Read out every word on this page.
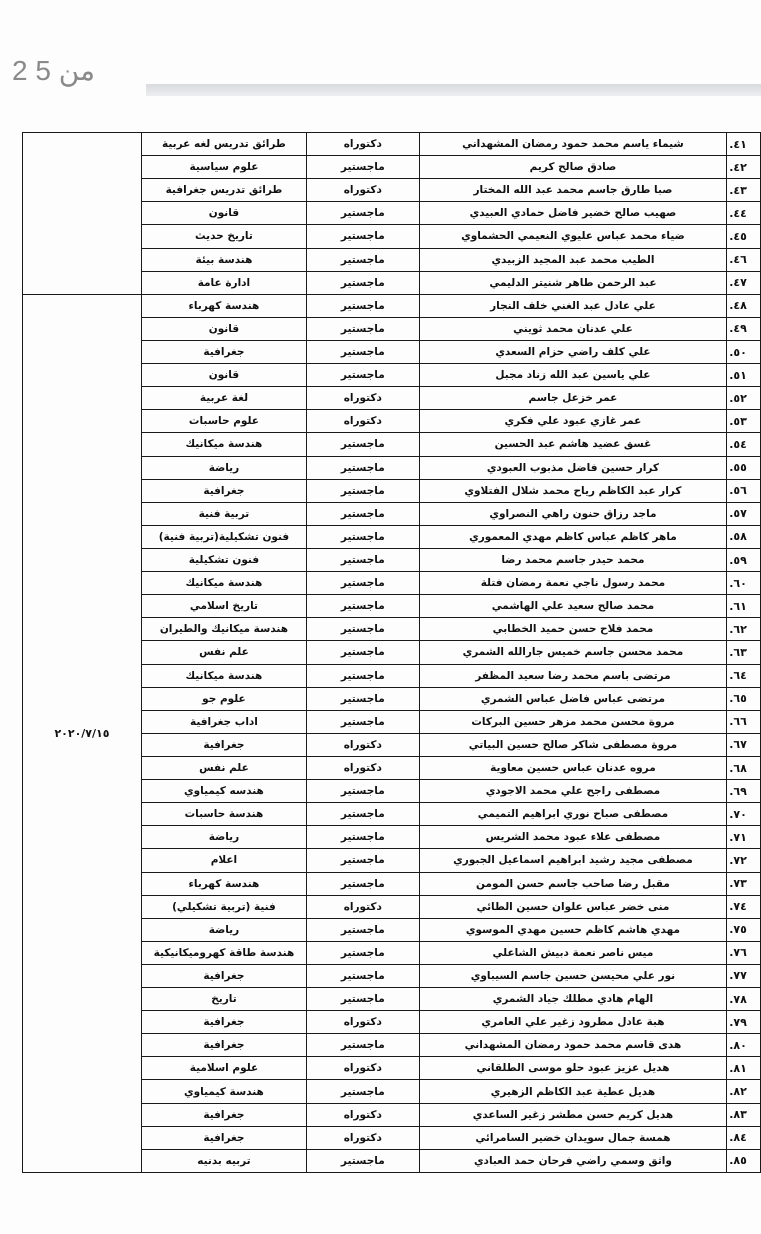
2 من 5
٤١.	شيماء ياسم محمد حمود رمضان المشهداني	دكتوراه	طرائق تدريس لغه عربية	
٤٢.	صادق صالح كريم	ماجستير	علوم سياسية	
٤٣.	صبا طارق جاسم محمد عبد الله المختار	دكتوراه	طرائق تدريس جغرافية	
٤٤.	صهيب صالح خضير فاضل حمادي العبيدي	ماجستير	قانون	
٤٥.	ضياء محمد عباس عليوي النعيمي الحشماوي	ماجستير	تاريخ حديث	
٤٦.	الطيب محمد عبد المجيد الزبيدي	ماجستير	هندسة بيئة	
٤٧.	عبد الرحمن طاهر شنيتر الدليمي	ماجستير	ادارة عامة	
٤٨.	علي عادل عبد الغني خلف النجار	ماجستير	هندسة كهرباء	٢٠٢٠/٧/١٥
٤٩.	علي عدنان محمد ثويني	ماجستير	قانون	
٥٠.	علي كلف راضي حزام السعدي	ماجستير	جغرافية	
٥١.	علي ياسين عبد الله زناد مجبل	ماجستير	قانون	
٥٢.	عمر خزعل جاسم	دكتوراه	لغة عربية	
٥٣.	عمر غازي عبود علي فكري	دكتوراه	علوم حاسبات	
٥٤.	غسق عضيد هاشم عبد الحسين	ماجستير	هندسة ميكانيك	
٥٥.	كرار حسين فاضل مذبوب العبودي	ماجستير	رياضة	
٥٦.	كرار عبد الكاظم رياح محمد شلال الفتلاوي	ماجستير	جغرافية	
٥٧.	ماجد رزاق حنون راهي النصراوي	ماجستير	تربية فنية	
٥٨.	ماهر كاظم عباس كاظم مهدي المعموري	ماجستير	فنون تشكيلية(تربية فنية)	
٥٩.	محمد حيدر جاسم محمد رضا	ماجستير	فنون تشكيلية	
٦٠.	محمد رسول ناجي نعمة رمضان فتلة	ماجستير	هندسة ميكانيك	
٦١.	محمد صالح سعيد علي الهاشمي	ماجستير	تاريخ اسلامي	
٦٢.	محمد فلاح حسن حميد الخطابي	ماجستير	هندسة ميكانيك والطيران	
٦٣.	محمد محسن جاسم خميس جارالله الشمري	ماجستير	علم نفس	
٦٤.	مرتضى باسم محمد رضا سعيد المظفر	ماجستير	هندسة ميكانيك	
٦٥.	مرتضى عباس فاضل عباس الشمري	ماجستير	علوم جو	
٦٦.	مروة محسن محمد مزهر حسين البركات	ماجستير	اداب جغرافية	
٦٧.	مروة مصطفى شاكر صالح حسين البياتي	دكتوراه	جغرافية	
٦٨.	مروه عدنان عباس حسين معاوية	دكتوراه	علم نفس	
٦٩.	مصطفى راجح علي محمد الاجودي	ماجستير	هندسه كيمياوي	
٧٠.	مصطفى صباح نوري ابراهيم التميمي	ماجستير	هندسة حاسبات	
٧١.	مصطفى علاء عبود محمد الشريس	ماجستير	رياضة	
٧٢.	مصطفى مجيد رشيد ابراهيم اسماعيل الجبوري	ماجستير	اعلام	
٧٣.	مقبل رضا صاحب جاسم حسن المومن	ماجستير	هندسة كهرباء	
٧٤.	منى خضر عباس علوان حسين الطائي	دكتوراه	فنية (تربية تشكيلي)	
٧٥.	مهدي هاشم كاظم حسين مهدي الموسوي	ماجستير	رياضة	
٧٦.	ميس ناصر نعمة دبيش الشاعلي	ماجستير	هندسة طاقة كهروميكانيكية	
٧٧.	نور علي محيسن حسين جاسم السيباوي	ماجستير	جغرافية	
٧٨.	الهام هادي مطلك جياد الشمري	ماجستير	تاريخ	
٧٩.	هبة عادل مطرود زغير علي العامري	دكتوراه	جغرافية	
٨٠.	هدى قاسم محمد حمود رمضان المشهداني	ماجستير	جغرافية	
٨١.	هديل عزيز عبود حلو موسى الطلقاني	دكتوراه	علوم اسلامية	
٨٢.	هديل عطية عبد الكاظم الزهيري	ماجستير	هندسة كيمياوي	
٨٣.	هديل كريم حسن مطشر زغير الساعدي	دكتوراه	جغرافية	
٨٤.	همسة جمال سويدان خضير السامرائي	دكتوراه	جغرافية	
٨٥.	واثق وسمي راضي فرحان حمد العبادي	ماجستير	تربيه بدنيه	
